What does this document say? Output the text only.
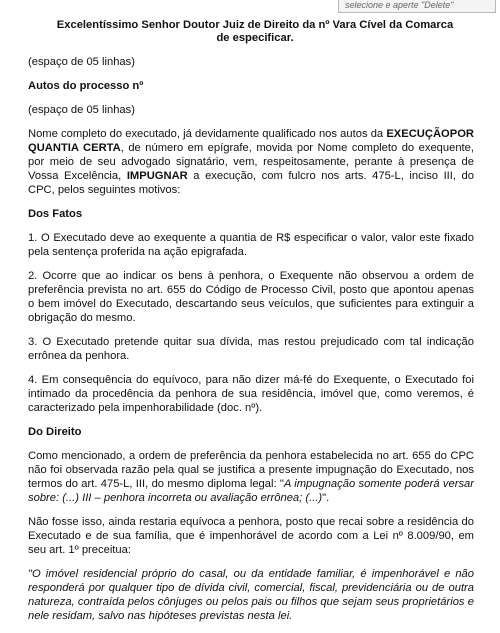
selecione e aperte "Delete"
Excelentíssimo Senhor Doutor Juiz de Direito da nº Vara Cível da Comarca
de especificar.

(espaço de 05 linhas)

Autos do processo nº

(espaço de 05 linhas)

Nome completo do executado, já devidamente qualificado nos autos da EXECUÇÃOPOR QUANTIA CERTA, de número em epígrafe, movida por Nome completo do exequente, por meio de seu advogado signatário, vem, respeitosamente, perante à presença de Vossa Excelência, IMPUGNAR a execução, com fulcro nos arts. 475-L, inciso III, do CPC, pelos seguintes motivos:

Dos Fatos

1. O Executado deve ao exequente a quantia de R$ especificar o valor, valor este fixado pela sentença proferida na ação epigrafada.

2. Ocorre que ao indicar os bens à penhora, o Exequente não observou a ordem de preferência prevista no art. 655 do Código de Processo Civil, posto que apontou apenas o bem imóvel do Executado, descartando seus veículos, que suficientes para extinguir a obrigação do mesmo.

3. O Executado pretende quitar sua dívida, mas restou prejudicado com tal indicação errônea da penhora.

4. Em consequência do equívoco, para não dizer má-fé do Exequente, o Executado foi intimado da procedência da penhora de sua residência, imóvel que, como veremos, é caracterizado pela impenhorabilidade (doc. nº).

Do Direito

Como mencionado, a ordem de preferência da penhora estabelecida no art. 655 do CPC não foi observada razão pela qual se justifica a presente impugnação do Executado, nos termos do art. 475-L, III, do mesmo diploma legal: "A impugnação somente poderá versar sobre: (...) III – penhora incorreta ou avaliação errônea; (...)".

Não fosse isso, ainda restaria equívoca a penhora, posto que recai sobre a residência do Executado e de sua família, que é impenhorável de acordo com a Lei nº 8.009/90, em seu art. 1º preceitua:

"O imóvel residencial próprio do casal, ou da entidade familiar, é impenhorável e não responderá por qualquer tipo de dívida civil, comercial, fiscal, previdenciária ou de outra natureza, contraída pelos cônjuges ou pelos pais ou filhos que sejam seus proprietários e nele residam, salvo nas hipóteses previstas nesta lei.
